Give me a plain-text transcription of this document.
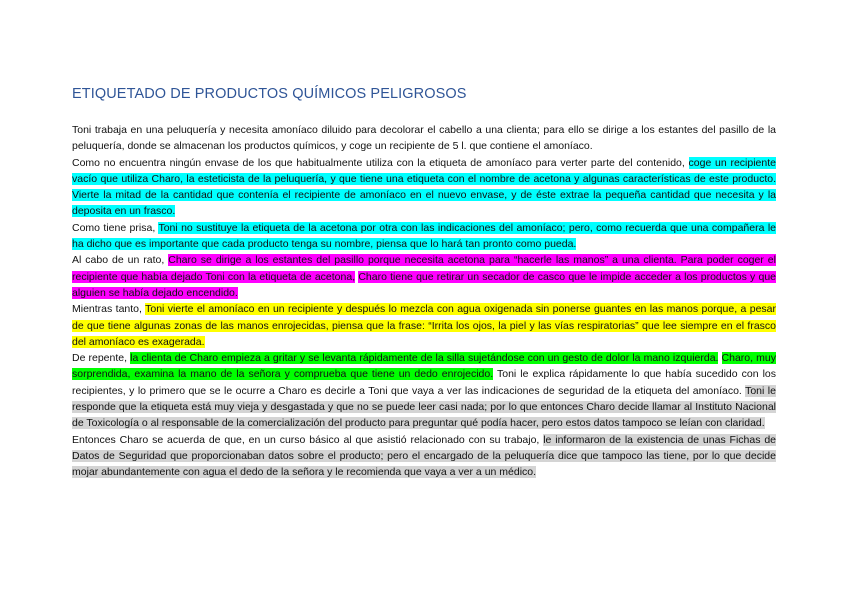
ETIQUETADO DE PRODUCTOS QUÍMICOS PELIGROSOS

Toni trabaja en una peluquería y necesita amoníaco diluido para decolorar el cabello a una clienta; para ello se dirige a los estantes del pasillo de la peluquería, donde se almacenan los productos químicos, y coge un recipiente de 5 l. que contiene el amoníaco.

Como no encuentra ningún envase de los que habitualmente utiliza con la etiqueta de amoníaco para verter parte del contenido, coge un recipiente vacío que utiliza Charo, la esteticista de la peluquería, y que tiene una etiqueta con el nombre de acetona y algunas características de este producto. Vierte la mitad de la cantidad que contenía el recipiente de amoníaco en el nuevo envase, y de éste extrae la pequeña cantidad que necesita y la deposita en un frasco.

Como tiene prisa, Toni no sustituye la etiqueta de la acetona por otra con las indicaciones del amoníaco; pero, como recuerda que una compañera le ha dicho que es importante que cada producto tenga su nombre, piensa que lo hará tan pronto como pueda.

Al cabo de un rato, Charo se dirige a los estantes del pasillo porque necesita acetona para “hacerle las manos” a una clienta. Para poder coger el recipiente que había dejado Toni con la etiqueta de acetona, Charo tiene que retirar un secador de casco que le impide acceder a los productos y que alguien se había dejado encendido.

Mientras tanto, Toni vierte el amoníaco en un recipiente y después lo mezcla con agua oxigenada sin ponerse guantes en las manos porque, a pesar de que tiene algunas zonas de las manos enrojecidas, piensa que la frase: “Irrita los ojos, la piel y las vías respiratorias” que lee siempre en el frasco del amoníaco es exagerada.

De repente, la clienta de Charo empieza a gritar y se levanta rápidamente de la silla sujetándose con un gesto de dolor la mano izquierda. Charo, muy sorprendida, examina la mano de la señora y comprueba que tiene un dedo enrojecido. Toni le explica rápidamente lo que había sucedido con los recipientes, y lo primero que se le ocurre a Charo es decirle a Toni que vaya a ver las indicaciones de seguridad de la etiqueta del amoníaco. Toni le responde que la etiqueta está muy vieja y desgastada y que no se puede leer casi nada; por lo que entonces Charo decide llamar al Instituto Nacional de Toxicología o al responsable de la comercialización del producto para preguntar qué podía hacer, pero estos datos tampoco se leían con claridad.

Entonces Charo se acuerda de que, en un curso básico al que asistió relacionado con su trabajo, le informaron de la existencia de unas Fichas de Datos de Seguridad que proporcionaban datos sobre el producto; pero el encargado de la peluquería dice que tampoco las tiene, por lo que decide mojar abundantemente con agua el dedo de la señora y le recomienda que vaya a ver a un médico.
